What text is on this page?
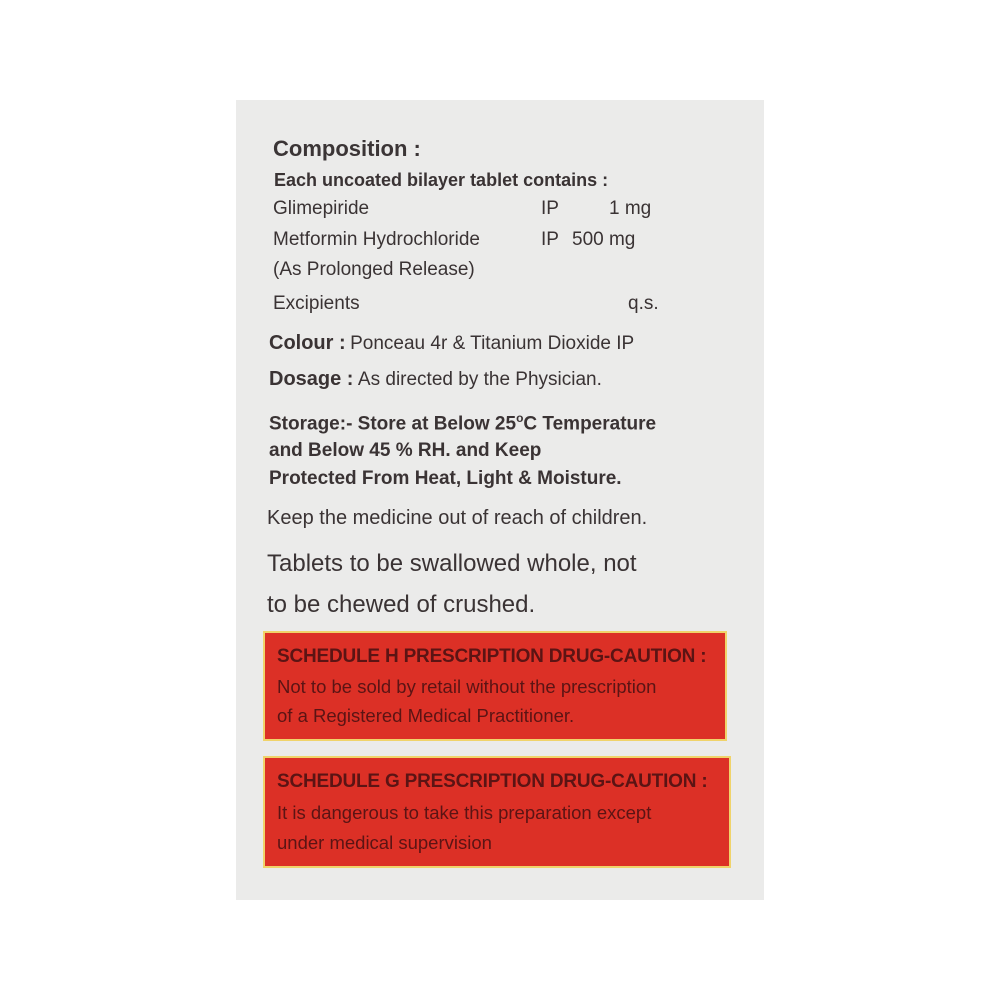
Composition :
Each uncoated bilayer tablet contains :
Glimepiride	IP	1 mg
Metformin Hydrochloride	IP 500 mg
(As Prolonged Release)
Excipients	q.s.
Colour : Ponceau 4r & Titanium Dioxide IP
Dosage : As directed by the Physician.
Storage:- Store at Below 25$^o$C Temperature
and Below 45 % RH. and Keep
Protected From Heat, Light & Moisture.
Keep the medicine out of reach of children.
Tablets to be swallowed whole, not
to be chewed of crushed.
SCHEDULE H PRESCRIPTION DRUG-CAUTION :
Not to be sold by retail without the prescription
of a Registered Medical Practitioner.
SCHEDULE G PRESCRIPTION DRUG-CAUTION :
It is dangerous to take this preparation except
under medical supervision
